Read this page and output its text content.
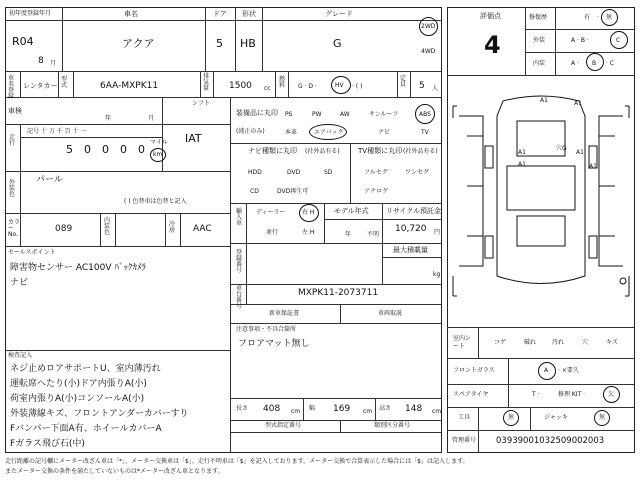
初年度登録年月	車名	ドア 形状	グレード
R04
8 月
アクア	5 HB	G
2WD
4WD
車名登録
レンタカー
型式	6AA-MXPK11
排気量 1500 cc
燃料	G · D ·	HV · ( )
定員 5 人
車検
年	月
シフト
走行
記号 十 万 千 百 十 一
5 0 0 0 0
マイル
km
IAT
外装色
パール
( ) 色替車は色替と記入
カラーNo.
089
内装色
冷房 AAC
セールスポイント
障害物センサー AC100V ﾊﾞｯｸｶﾒﾗ
ナビ
検査記入
ネジ止めロアサポートU、室内薄汚れ
運転席ヘたり(小)ドア内張りA(小)
荷室内張りA(小)コンソールA(小)
外装薄線キズ、フロントアンダーカバーすり
Fバンパー下面A有、ホイールカバーA
Fガラス飛び石(中)
装備品に丸印
(純正のみ)
PS	PW	AW	サンルーフ	ABS
本革	エアバック	ナビ	TV
ナビ種類に丸印 (社外品有る)
HDD	DVD	SD
CD	DVD再生可
TV種類に丸印 (社外品有る)
フルセグ	ワンセグ
アナログ
輸入車
ディーラー	右 H
並行	左 H
モデル年式
年	不明
リサイクル預託金
10,720 円
登録番号
最大積載量
kg
車台番号
MXPK11-2073711
新車保証書	車両取説
注意事項・不具合箇所
フロアマット無し
長さ 408 cm 幅 169 cm 高さ 148 cm
型式指定番号	類別区分番号
評価点
4
修復歴	有 · 無
外装	A · B ·	C
内装	A · B · C
A1	A1
穴G
A1
A1
A1
A1
室内シート
コゲ	破れ	汚れ	穴	キズ
フロントガラス	A · ×要久
スペアタイヤ	T ·	修理 KIT ·	欠
工具	無	ジャッキ	無
管理番号 03939001032509002003
走行距離の記号欄にメーター改ざん車は「*」、メーター交換車は「$」、走行不明車は「$」を記入しております。メーター交換で合算表示した場合には「$」は記入します。
またメーター交換の条件を満たしていないものは*メーター改ざん車となります。
